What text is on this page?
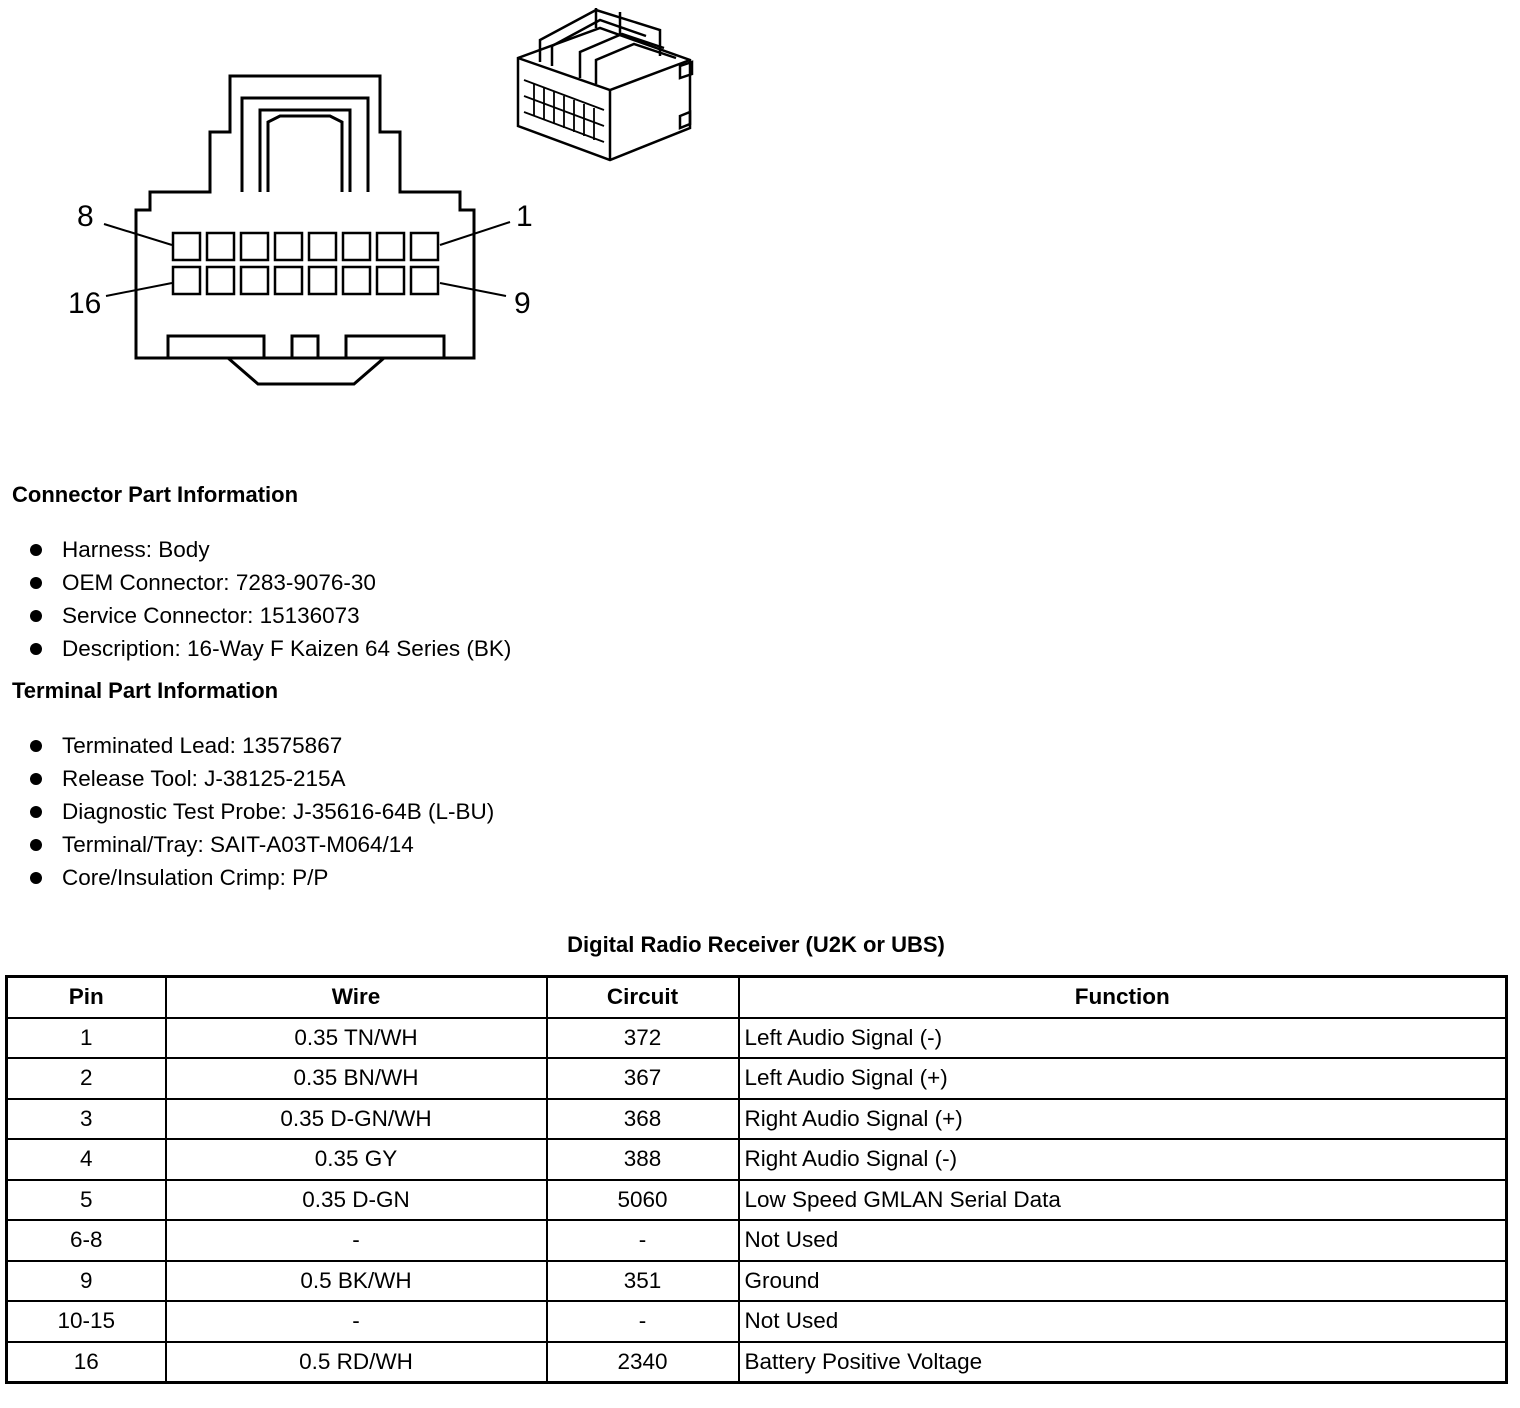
8	1
16	9
Connector Part Information
Harness: Body
OEM Connector: 7283-9076-30
Service Connector: 15136073
Description: 16-Way F Kaizen 64 Series (BK)
Terminal Part Information
Terminated Lead: 13575867
Release Tool: J-38125-215A
Diagnostic Test Probe: J-35616-64B (L-BU)
Terminal/Tray: SAIT-A03T-M064/14
Core/Insulation Crimp: P/P
Digital Radio Receiver (U2K or UBS)
Pin	Wire	Circuit	Function
1	0.35 TN/WH	372	Left Audio Signal (-)
2	0.35 BN/WH	367	Left Audio Signal (+)
3	0.35 D-GN/WH	368	Right Audio Signal (+)
4	0.35 GY	388	Right Audio Signal (-)
5	0.35 D-GN	5060	Low Speed GMLAN Serial Data
6-8	-	-	Not Used
9	0.5 BK/WH	351	Ground
10-15	-	-	Not Used
16	0.5 RD/WH	2340	Battery Positive Voltage
